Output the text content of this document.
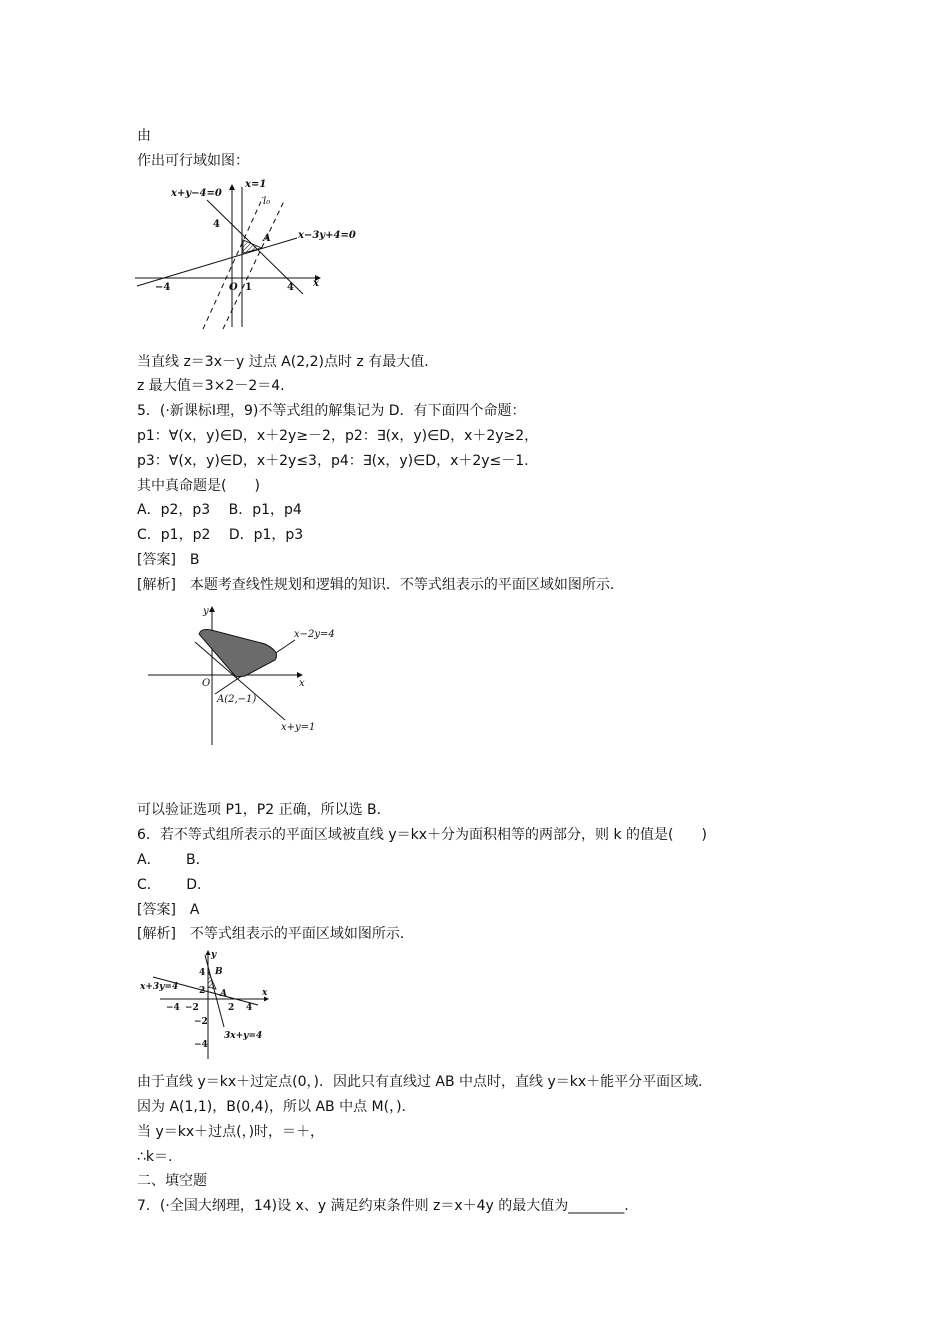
由
作出可行域如图：
x+y−4=0
x=1
l₀
x−3y+4=0
4
A
−4	O 1	4 x
当直线 z＝3x－y 过点 A(2,2)点时 z 有最大值.
z 最大值＝3×2－2＝4.
5．(·新课标Ⅰ理，9)不等式组的解集记为 D．有下面四个命题：
p1：∀(x，y)∈D，x＋2y≥－2，p2：∃(x，y)∈D，x＋2y≥2，
p3：∀(x，y)∈D，x＋2y≤3，p4：∃(x，y)∈D，x＋2y≤－1.
其中真命题是(　　)
A．p2，p3　 B．p1，p4
C．p1，p2　 D．p1，p3
[答案]　B
[解析]　本题考查线性规划和逻辑的知识．不等式组表示的平面区域如图所示．
y
x−2y=4
O	x
A(2,−1)
x+y=1
可以验证选项 P1，P2 正确，所以选 B．
6．若不等式组所表示的平面区域被直线 y＝kx＋分为面积相等的两部分，则 k 的值是(　　)
A．　　 B．
C．　　 D．
[答案]　A
[解析]　不等式组表示的平面区域如图所示．
y
4 B
2
x+3y=4
A	x
−4 −2	2 4
−2
3x+y=4
−4
由于直线 y＝kx＋过定点(0，)．因此只有直线过 AB 中点时，直线 y＝kx＋能平分平面区域．
因为 A(1,1)，B(0,4)，所以 AB 中点 M(，)．
当 y＝kx＋过点(，)时，＝＋，
∴k＝.
二、填空题
7．(·全国大纲理，14)设 x、y 满足约束条件则 z＝x＋4y 的最大值为________.
